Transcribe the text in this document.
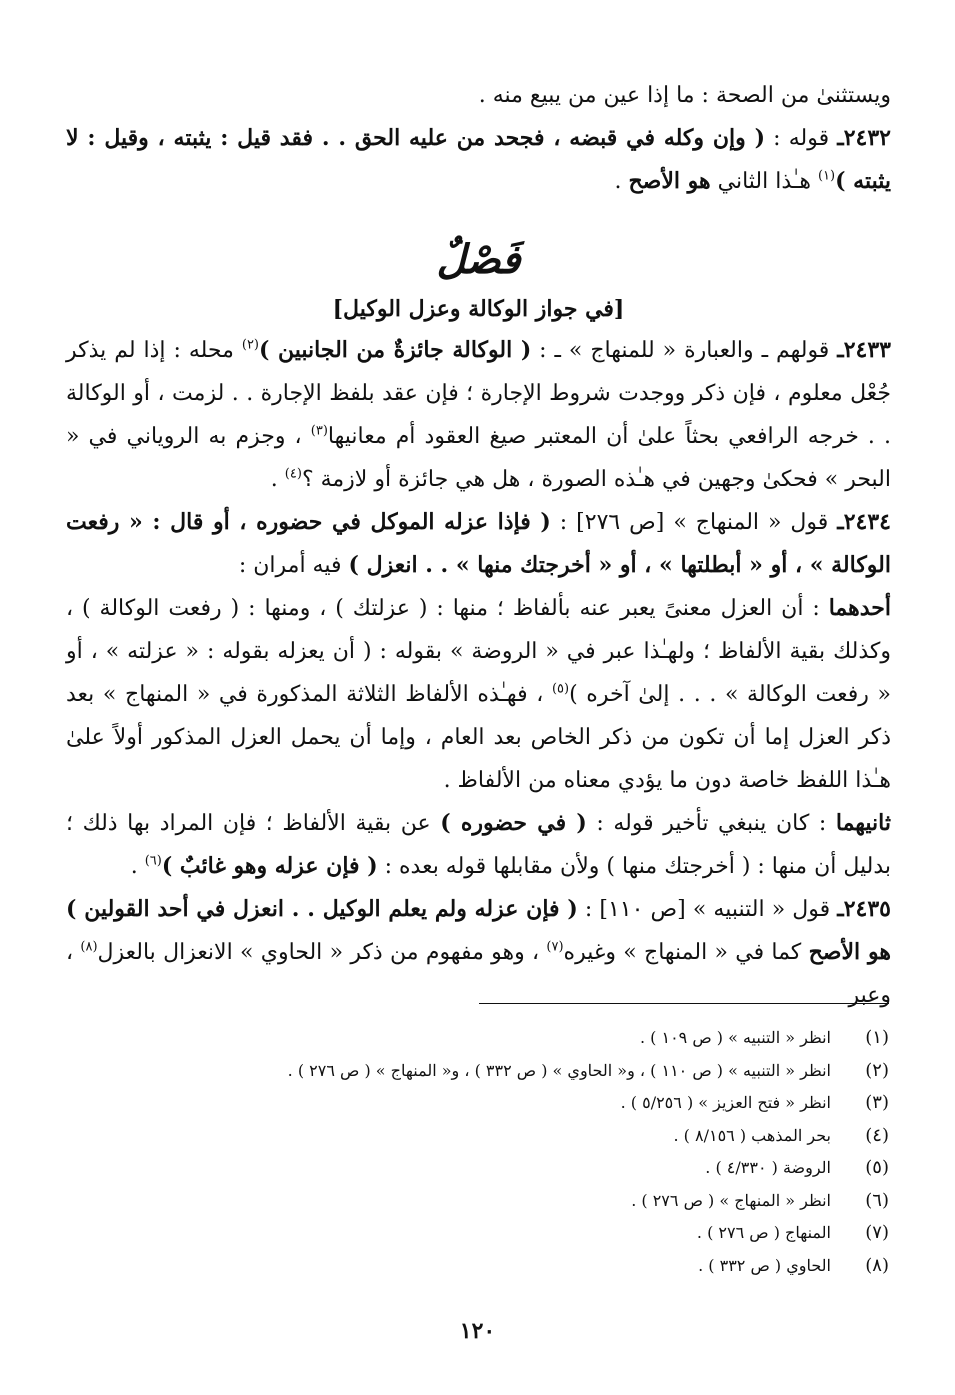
ويستثنىٰ من الصحة : ما إذا عين من يبيع منه .

٢٤٣٢ـ قوله : ( وإن وكله في قبضه ، فجحد من عليه الحق . . فقد قيل : يثبته ، وقيل : لا يثبته )$^{(١)}$ هـٰذا الثاني هو الأصح .

فَصْلٌ
[في جواز الوكالة وعزل الوكيل]

٢٤٣٣ـ قولهم ـ والعبارة « للمنهاج » ـ : ( الوكالة جائزةٌ من الجانبين )$^{(٢)}$ محله : إذا لم يذكر جُعْل معلوم ، فإن ذكر ووجدت شروط الإجارة ؛ فإن عقد بلفظ الإجارة . . لزمت ، أو الوكالة . . خرجه الرافعي بحثاً علىٰ أن المعتبر صيغ العقود أم معانيها$^{(٣)}$ ، وجزم به الروياني في « البحر » فحكىٰ وجهين في هـٰذه الصورة ، هل هي جائزة أو لازمة ؟$^{(٤)}$ .

٢٤٣٤ـ قول « المنهاج » [ص ٢٧٦] : ( فإذا عزله الموكل في حضوره ، أو قال : « رفعت الوكالة » ، أو « أبطلتها » ، أو « أخرجتك منها » . . انعزل ) فيه أمران :

أحدهما : أن العزل معنىً يعبر عنه بألفاظ ؛ منها : ( عزلتك ) ، ومنها : ( رفعت الوكالة ) ، وكذلك بقية الألفاظ ؛ ولهـٰذا عبر في « الروضة » بقوله : ( أن يعزله بقوله : « عزلته » ، أو « رفعت الوكالة » . . . إلىٰ آخره )$^{(٥)}$ ، فهـٰذه الألفاظ الثلاثة المذكورة في « المنهاج » بعد ذكر العزل إما أن تكون من ذكر الخاص بعد العام ، وإما أن يحمل العزل المذكور أولاً علىٰ هـٰذا اللفظ خاصة دون ما يؤدي معناه من الألفاظ .

ثانيهما : كان ينبغي تأخير قوله : ( في حضوره ) عن بقية الألفاظ ؛ فإن المراد بها ذلك ؛ بدليل أن منها : ( أخرجتك منها ) ولأن مقابلها قوله بعده : ( فإن عزله وهو غائبٌ )$^{(٦)}$ .

٢٤٣٥ـ قول « التنبيه » [ص ١١٠] : ( فإن عزله ولم يعلم الوكيل . . انعزل في أحد القولين ) هو الأصح كما في « المنهاج » وغيره$^{(٧)}$ ، وهو مفهوم من ذكر « الحاوي » الانعزال بالعزل$^{(٨)}$ ، وعبر

(١)
انظر « التنبيه » ( ص ١٠٩ ) .
(٢)
انظر « التنبيه » ( ص ١١٠ ) ، و« الحاوي » ( ص ٣٣٢ ) ، و« المنهاج » ( ص ٢٧٦ ) .
(٣)
انظر « فتح العزيز » ( ٥/٢٥٦ ) .
(٤)
بحر المذهب ( ٨/١٥٦ ) .
(٥)
الروضة ( ٤/٣٣٠ ) .
(٦)
انظر « المنهاج » ( ص ٢٧٦ ) .
(٧)
المنهاج ( ص ٢٧٦ ) .
(٨)
الحاوي ( ص ٣٣٢ ) .
١٢٠
